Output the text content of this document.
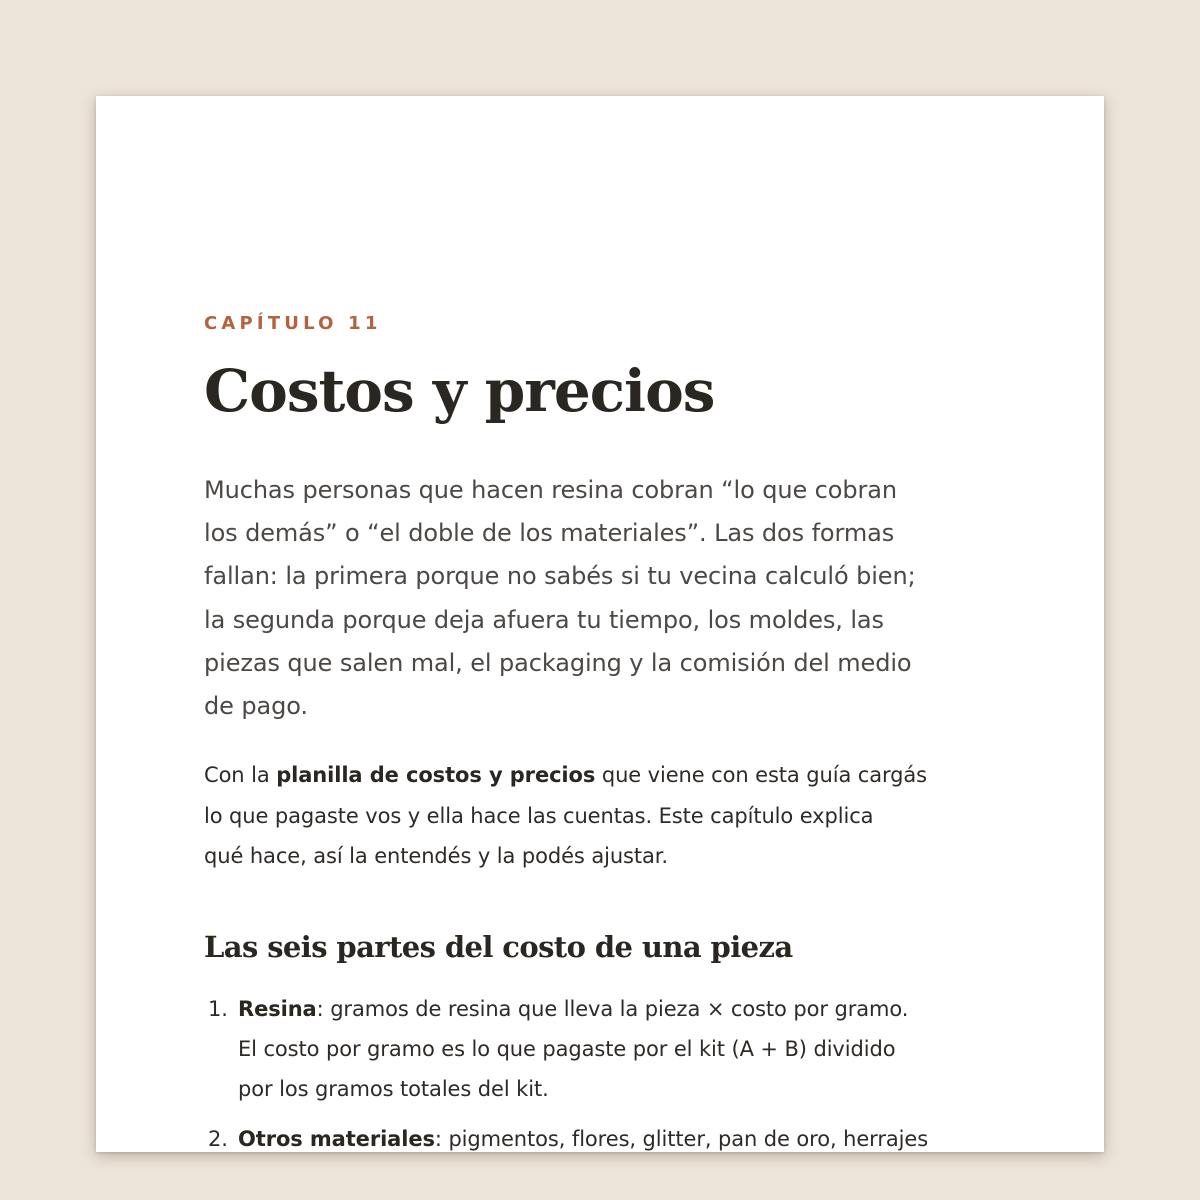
CAPÍTULO 11

Costos y precios

Muchas personas que hacen resina cobran “lo que cobran
los demás” o “el doble de los materiales”. Las dos formas
fallan: la primera porque no sabés si tu vecina calculó bien;
la segunda porque deja afuera tu tiempo, los moldes, las
piezas que salen mal, el packaging y la comisión del medio
de pago.

Con la planilla de costos y precios que viene con esta guía cargás
lo que pagaste vos y ella hace las cuentas. Este capítulo explica
qué hace, así la entendés y la podés ajustar.

Las seis partes del costo de una pieza
1. Resina: gramos de resina que lleva la pieza × costo por gramo.
El costo por gramo es lo que pagaste por el kit (A + B) dividido
por los gramos totales del kit.
2. Otros materiales: pigmentos, flores, glitter, pan de oro, herrajes
